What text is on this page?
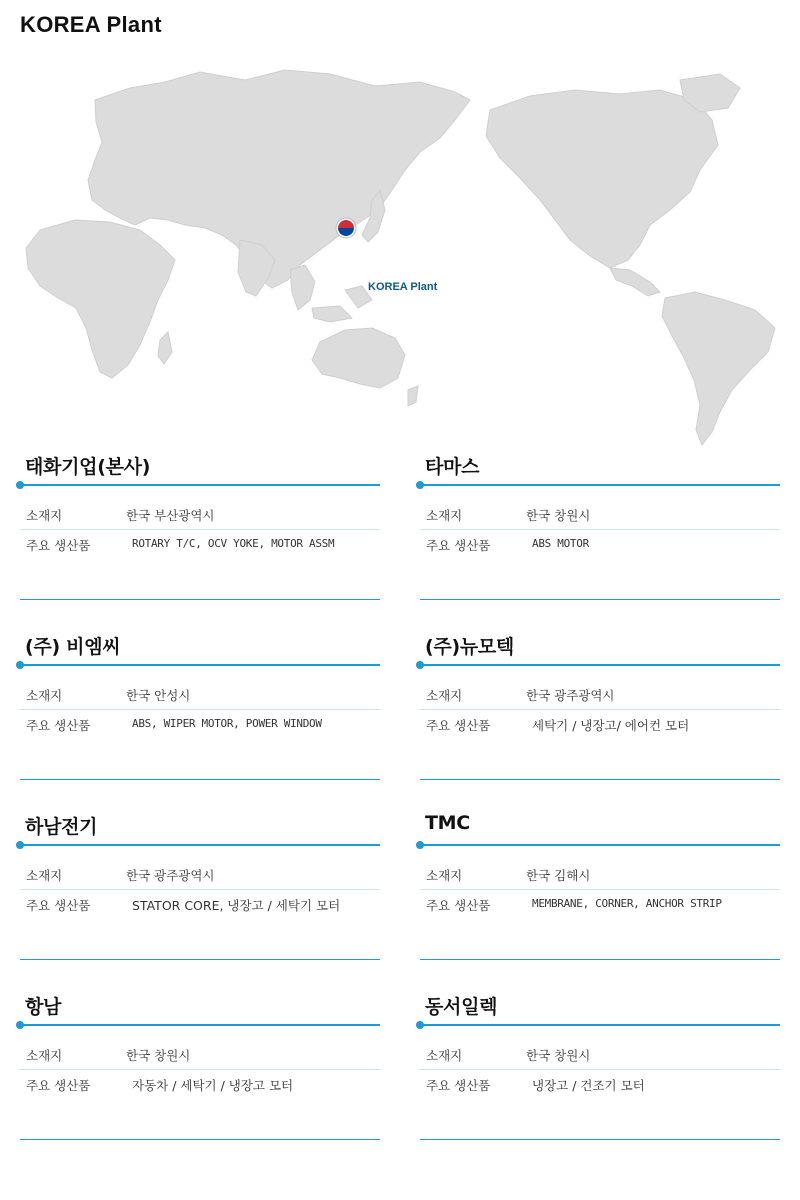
KOREA Plant
KOREA Plant
태화기업(본사)
소재지	한국 부산광역시
주요 생산품	ROTARY T/C, OCV YOKE, MOTOR ASSM
타마스
소재지	한국 창원시
주요 생산품	ABS MOTOR
(주) 비엠씨
소재지	한국 안성시
주요 생산품	ABS, WIPER MOTOR, POWER WINDOW
(주)뉴모텍
소재지	한국 광주광역시
주요 생산품	세탁기 / 냉장고/ 에어컨 모터
하남전기
소재지	한국 광주광역시
주요 생산품	STATOR CORE, 냉장고 / 세탁기 모터
TMC
소재지	한국 김해시
주요 생산품	MEMBRANE, CORNER, ANCHOR STRIP
항남
소재지	한국 창원시
주요 생산품	자동차 / 세탁기 / 냉장고 모터
동서일렉
소재지	한국 창원시
주요 생산품	냉장고 / 건조기 모터
